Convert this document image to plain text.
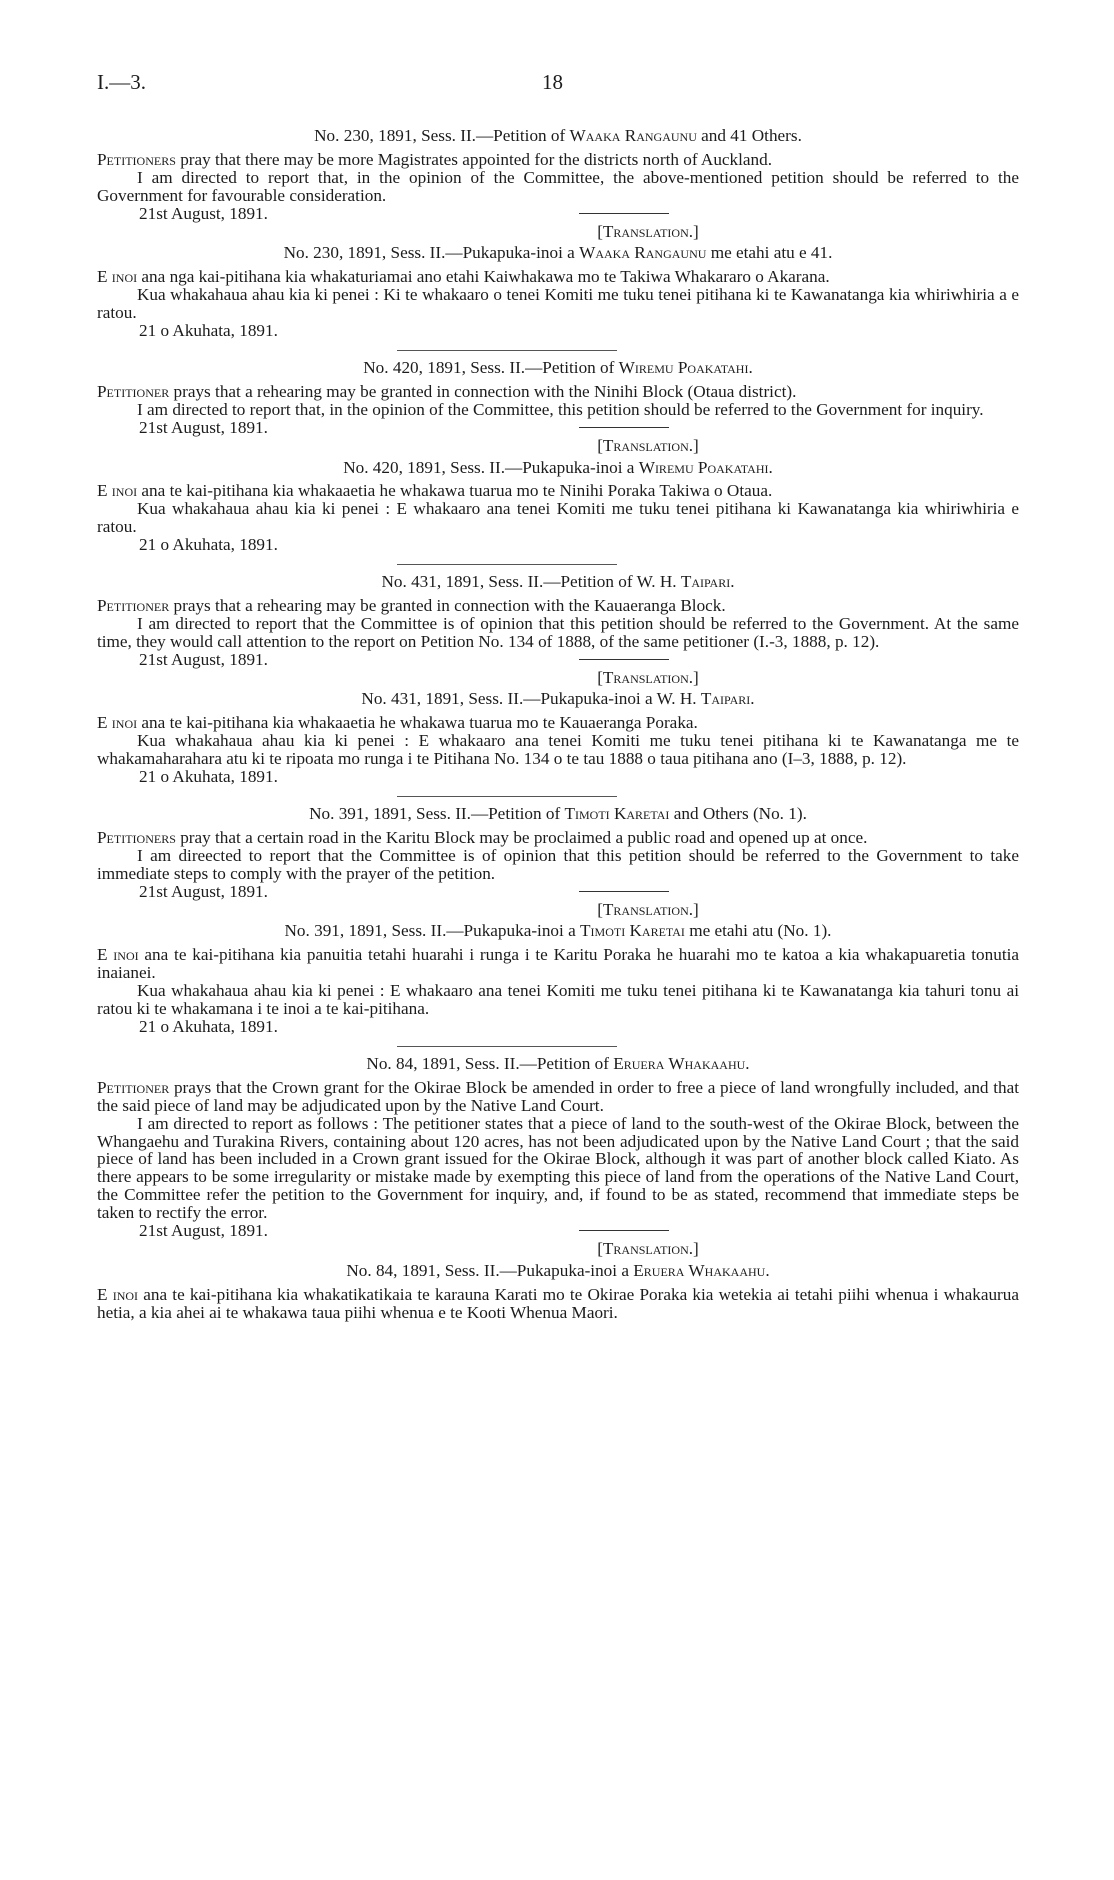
I.—3.	18

No. 230, 1891, Sess. II.—Petition of Waaka Rangaunu and 41 Others.

Petitioners pray that there may be more Magistrates appointed for the districts north of Auckland.

I am directed to report that, in the opinion of the Committee, the above-mentioned petition should be referred to the Government for favourable consideration.

21st August, 1891.

[Translation.]

No. 230, 1891, Sess. II.—Pukapuka-inoi a Waaka Rangaunu me etahi atu e 41.

E inoi ana nga kai-pitihana kia whakaturiamai ano etahi Kaiwhakawa mo te Takiwa Whakararo o Akarana.

Kua whakahaua ahau kia ki penei : Ki te whakaaro o tenei Komiti me tuku tenei pitihana ki te Kawanatanga kia whiriwhiria a e ratou.

21 o Akuhata, 1891.

No. 420, 1891, Sess. II.—Petition of Wiremu Poakatahi.

Petitioner prays that a rehearing may be granted in connection with the Ninihi Block (Otaua district).

I am directed to report that, in the opinion of the Committee, this petition should be referred to the Government for inquiry.

21st August, 1891.

[Translation.]

No. 420, 1891, Sess. II.—Pukapuka-inoi a Wiremu Poakatahi.

E inoi ana te kai-pitihana kia whakaaetia he whakawa tuarua mo te Ninihi Poraka Takiwa o Otaua.

Kua whakahaua ahau kia ki penei : E whakaaro ana tenei Komiti me tuku tenei pitihana ki Kawanatanga kia whiriwhiria e ratou.

21 o Akuhata, 1891.

No. 431, 1891, Sess. II.—Petition of W. H. Taipari.

Petitioner prays that a rehearing may be granted in connection with the Kauaeranga Block.

I am directed to report that the Committee is of opinion that this petition should be referred to the Government. At the same time, they would call attention to the report on Petition No. 134 of 1888, of the same petitioner (I.-3, 1888, p. 12).

21st August, 1891.

[Translation.]

No. 431, 1891, Sess. II.—Pukapuka-inoi a W. H. Taipari.

E inoi ana te kai-pitihana kia whakaaetia he whakawa tuarua mo te Kauaeranga Poraka.

Kua whakahaua ahau kia ki penei : E whakaaro ana tenei Komiti me tuku tenei pitihana ki te Kawanatanga me te whakamaharahara atu ki te ripoata mo runga i te Pitihana No. 134 o te tau 1888 o taua pitihana ano (I–3, 1888, p. 12).

21 o Akuhata, 1891.

No. 391, 1891, Sess. II.—Petition of Timoti Karetai and Others (No. 1).

Petitioners pray that a certain road in the Karitu Block may be proclaimed a public road and opened up at once.

I am direected to report that the Committee is of opinion that this petition should be referred to the Government to take immediate steps to comply with the prayer of the petition.

21st August, 1891.

[Translation.]

No. 391, 1891, Sess. II.—Pukapuka-inoi a Timoti Karetai me etahi atu (No. 1).

E inoi ana te kai-pitihana kia panuitia tetahi huarahi i runga i te Karitu Poraka he huarahi mo te katoa a kia whakapuaretia tonutia inaianei.

Kua whakahaua ahau kia ki penei : E whakaaro ana tenei Komiti me tuku tenei pitihana ki te Kawanatanga kia tahuri tonu ai ratou ki te whakamana i te inoi a te kai-pitihana.

21 o Akuhata, 1891.

No. 84, 1891, Sess. II.—Petition of Eruera Whakaahu.

Petitioner prays that the Crown grant for the Okirae Block be amended in order to free a piece of land wrongfully included, and that the said piece of land may be adjudicated upon by the Native Land Court.

I am directed to report as follows : The petitioner states that a piece of land to the south-west of the Okirae Block, between the Whangaehu and Turakina Rivers, containing about 120 acres, has not been adjudicated upon by the Native Land Court ; that the said piece of land has been included in a Crown grant issued for the Okirae Block, although it was part of another block called Kiato. As there appears to be some irregularity or mistake made by exempting this piece of land from the operations of the Native Land Court, the Committee refer the petition to the Government for inquiry, and, if found to be as stated, recommend that immediate steps be taken to rectify the error.

21st August, 1891.

[Translation.]

No. 84, 1891, Sess. II.—Pukapuka-inoi a Eruera Whakaahu.

E inoi ana te kai-pitihana kia whakatikatikaia te karauna Karati mo te Okirae Poraka kia wetekia ai tetahi piihi whenua i whakaurua hetia, a kia ahei ai te whakawa taua piihi whenua e te Kooti Whenua Maori.
